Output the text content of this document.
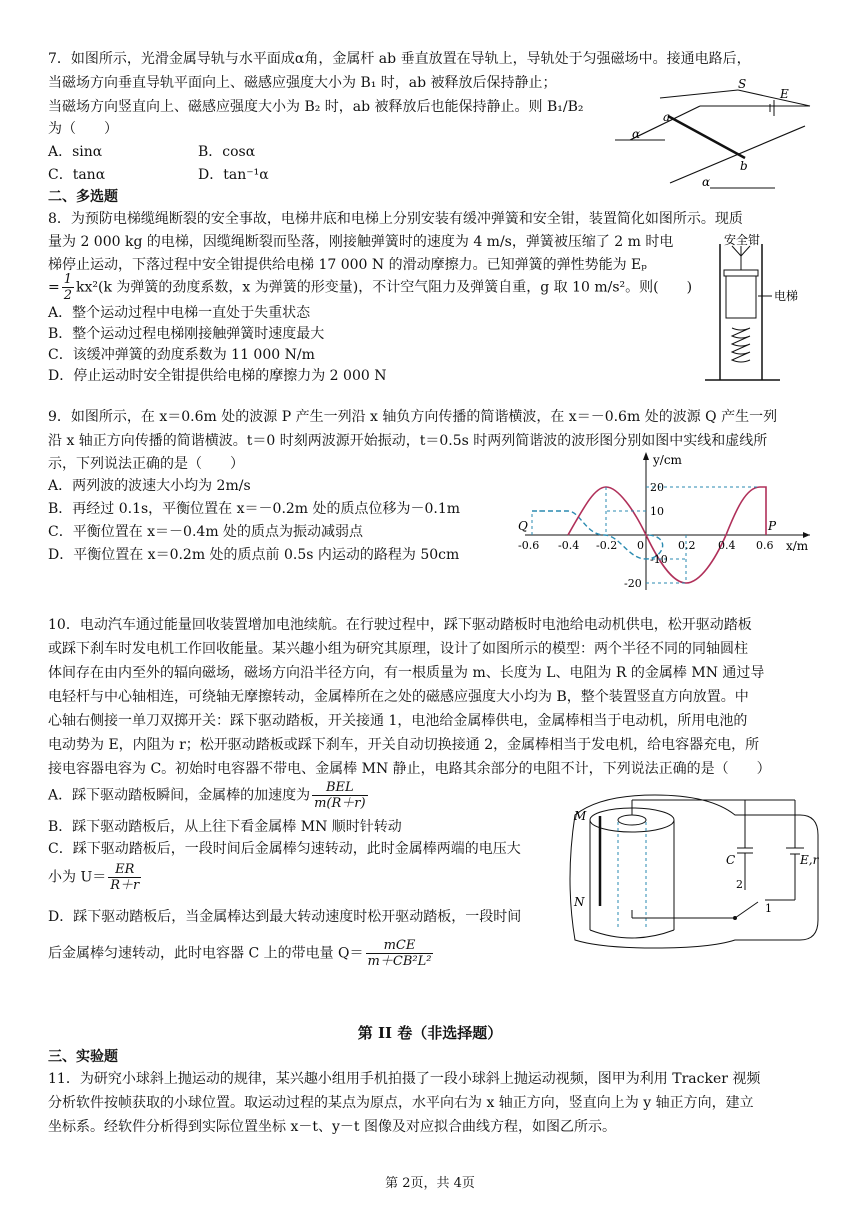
7．如图所示，光滑金属导轨与水平面成α角，金属杆 ab 垂直放置在导轨上，导轨处于匀强磁场中。接通电路后，
当磁场方向垂直导轨平面向上、磁感应强度大小为 B₁ 时，ab 被释放后保持静止；
当磁场方向竖直向上、磁感应强度大小为 B₂ 时，ab 被释放后也能保持静止。则 B₁/B₂
为（　　）
A．sinα	B．cosα
C．tanα	D．tan⁻¹α
a
b
S
E
α
α
二、多选题
8．为预防电梯缆绳断裂的安全事故，电梯井底和电梯上分别安装有缓冲弹簧和安全钳，装置简化如图所示。现质
量为 2 000 kg 的电梯，因缆绳断裂而坠落，刚接触弹簧时的速度为 4 m/s，弹簧被压缩了 2 m 时电
梯停止运动，下落过程中安全钳提供给电梯 17 000 N 的滑动摩擦力。已知弹簧的弹性势能为 Eₚ
= $\frac{1}{2} kx^2(k$ 为弹簧的劲度系数，x 为弹簧的形变量)，不计空气阻力及弹簧自重，g 取 10 m/s²。则(　　)
A．整个运动过程中电梯一直处于失重状态
B．整个运动过程电梯刚接触弹簧时速度最大
C．该缓冲弹簧的劲度系数为 11 000 N/m
D．停止运动时安全钳提供给电梯的摩擦力为 2 000 N
安全钳
电梯
9．如图所示，在 x＝0.6m 处的波源 P 产生一列沿 x 轴负方向传播的简谐横波，在 x＝－0.6m 处的波源 Q 产生一列
沿 x 轴正方向传播的简谐横波。t＝0 时刻两波源开始振动，t＝0.5s 时两列简谐波的波形图分别如图中实线和虚线所
示，下列说法正确的是（　　）
A．两列波的波速大小均为 2m/s
B．再经过 0.1s，平衡位置在 x＝－0.2m 处的质点位移为－0.1m
C．平衡位置在 x＝－0.4m 处的质点为振动减弱点
D．平衡位置在 x＝0.2m 处的质点前 0.5s 内运动的路程为 50cm
y/cm
x/m
-0.6 -0.4 -0.2 0	0.2 0.4 0.6
20
10
-10
-20
Q	P
10．电动汽车通过能量回收装置增加电池续航。在行驶过程中，踩下驱动踏板时电池给电动机供电，松开驱动踏板
或踩下刹车时发电机工作回收能量。某兴趣小组为研究其原理，设计了如图所示的模型：两个半径不同的同轴圆柱
体间存在由内至外的辐向磁场，磁场方向沿半径方向，有一根质量为 m、长度为 L、电阻为 R 的金属棒 MN 通过导
电轻杆与中心轴相连，可绕轴无摩擦转动，金属棒所在之处的磁感应强度大小均为 B，整个装置竖直方向放置。中
心轴右侧接一单刀双掷开关：踩下驱动踏板，开关接通 1，电池给金属棒供电，金属棒相当于电动机，所用电池的
电动势为 E，内阻为 r；松开驱动踏板或踩下刹车，开关自动切换接通 2，金属棒相当于发电机，给电容器充电，所
接电容器电容为 C。初始时电容器不带电、金属棒 MN 静止，电路其余部分的电阻不计，下列说法正确的是（　　）
A．踩下驱动踏板瞬间，金属棒的加速度为 $\frac{\text{BEL}}{m(R+r)}$
B．踩下驱动踏板后，从上往下看金属棒 MN 顺时针转动
C．踩下驱动踏板后，一段时间后金属棒匀速转动，此时金属棒两端的电压大
小为 $U= \frac{ER}{R+r}$
D．踩下驱动踏板后，当金属棒达到最大转动速度时松开驱动踏板，一段时间
后金属棒匀速转动，此时电容器 C 上的带电量 $Q= \frac{\text{mCE}}{\text{m＋CB²L²}}$
M
N
C	E,r
2
1
第 II 卷（非选择题）
三、实验题
11．为研究小球斜上抛运动的规律，某兴趣小组用手机拍摄了一段小球斜上抛运动视频，图甲为利用 Tracker 视频
分析软件按帧获取的小球位置。取运动过程的某点为原点，水平向右为 x 轴正方向，竖直向上为 y 轴正方向，建立
坐标系。经软件分析得到实际位置坐标 x－t、y－t 图像及对应拟合曲线方程，如图乙所示。
第 2页，共 4页
